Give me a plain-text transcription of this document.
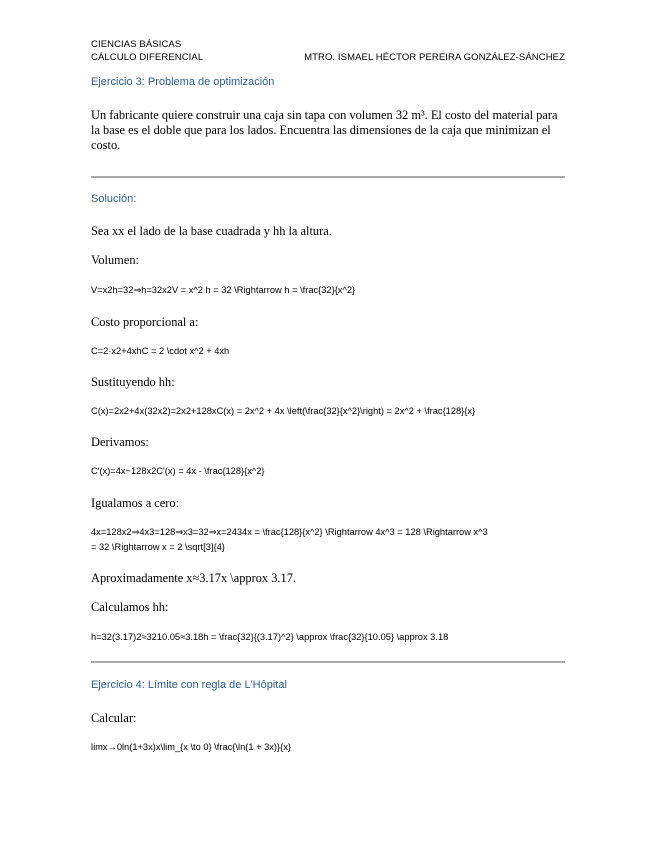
CIENCIAS BÁSICAS
CÁLCULO DIFERENCIAL	MTRO. ISMAEL HÉCTOR PEREIRA GONZÁLEZ-SÁNCHEZ
Ejercicio 3: Problema de optimización

Un fabricante quiere construir una caja sin tapa con volumen 32 m³. El costo del material para la base es el doble que para los lados. Encuentra las dimensiones de la caja que minimizan el costo.

Solución:

Sea xx el lado de la base cuadrada y hh la altura.

Volumen:

V=x2h=32⇒h=32x2V = x^2 h = 32 \Rightarrow h = \frac{32}{x^2}

Costo proporcional a:

C=2·x2+4xhC = 2 \cdot x^2 + 4xh

Sustituyendo hh:

C(x)=2x2+4x(32x2)=2x2+128xC(x) = 2x^2 + 4x \left(\frac{32}{x^2}\right) = 2x^2 + \frac{128}{x}

Derivamos:

C′(x)=4x−128x2C'(x) = 4x - \frac{128}{x^2}

Igualamos a cero:

4x=128x2⇒4x3=128⇒x3=32⇒x=2434x = \frac{128}{x^2} \Rightarrow 4x^3 = 128 \Rightarrow x^3

= 32 \Rightarrow x = 2 \sqrt[3]{4}

Aproximadamente x≈3.17x \approx 3.17.

Calculamos hh:

h=32(3.17)2≈3210.05≈3.18h = \frac{32}{(3.17)^2} \approx \frac{32}{10.05} \approx 3.18

Ejercicio 4: Límite con regla de L'Hôpital

Calcular:

lim⁡x→0ln⁡(1+3x)x\lim_{x \to 0} \frac{\ln(1 + 3x)}{x}
